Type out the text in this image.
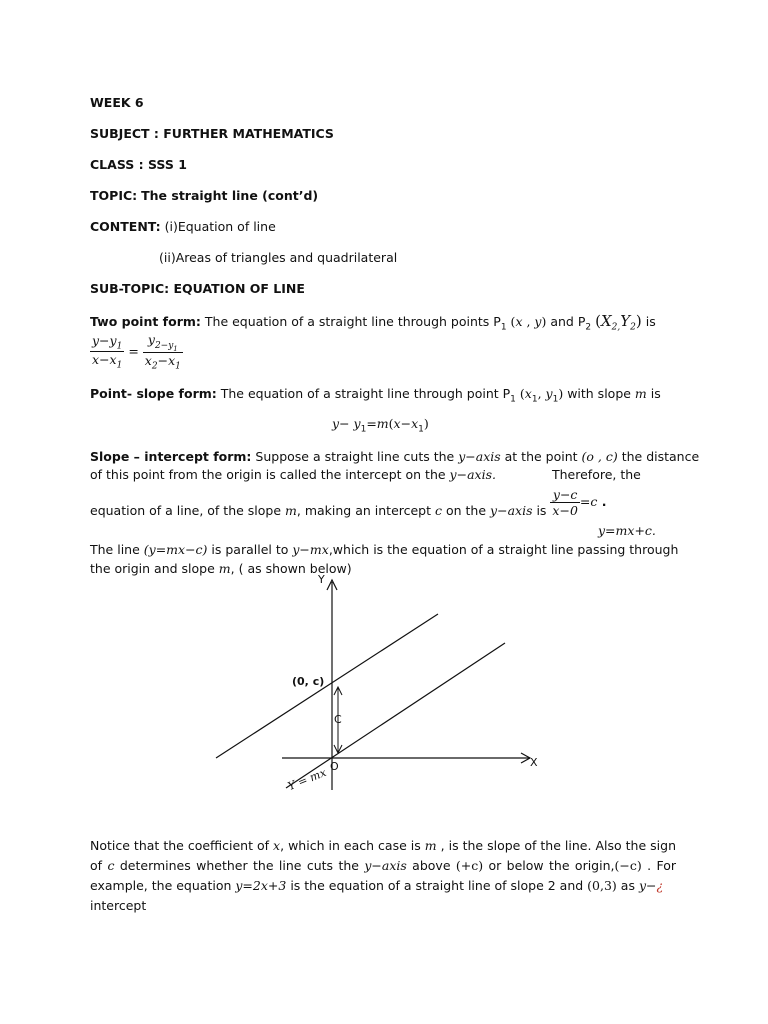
WEEK 6
SUBJECT : FURTHER MATHEMATICS
CLASS : SSS 1
TOPIC: The straight line (cont’d)
CONTENT: (i)Equation of line
(ii)Areas of triangles and quadrilateral
SUB-TOPIC: EQUATION OF LINE
Two point form: The equation of a straight line through points $P_1$ (x , y) and $P_2$ $(X_{2,}Y_2)$ is
$\frac{y-y_1}{x-x_1} = \frac{y_{2-y_1}}{x_2-x_1}$
Point- slope form: The equation of a straight line through point $P_1$ ($x_1$, $y_1$) with slope m is
$y- y_1=m(x-x_1)$
Slope – intercept form: Suppose a straight line cuts the y−axis at the point (o , c) the distance
of this point from the origin is called the intercept on the y−axis.	Therefore, the
equation of a line, of the slope m, making an intercept c on the y−axis is $\frac{y-c}{x-0} =c$ .
y=mx+c.
The line (y=mx−c) is parallel to y−mx,which is the equation of a straight line passing through
the origin and slope m, ( as shown below)
Y
X
(0, c)
C
O
Y = mx
Notice that the coefficient of x, which in each case is m , is the slope of the line. Also the sign of c determines whether the line cuts the y−axis above (+c) or below the origin,(−c) . For example, the equation y=2x+3 is the equation of a straight line of slope 2 and (0,3) as y−¿
intercept
